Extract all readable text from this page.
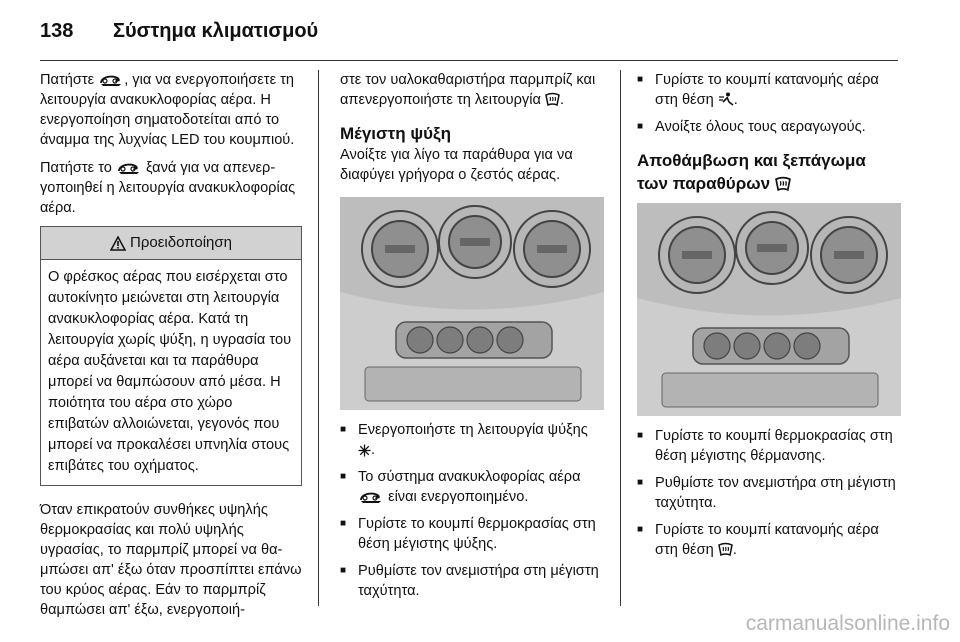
138 Σύστημα κλιματισμού

Πατήστε , για να ενεργοποιήσετε τη λειτουργία ανακυκλοφορίας αέρα. Η ενεργοποίηση σηματοδοτείται από το άναμμα της λυχνίας LED του κουμπιού.

Πατήστε το ξανά για να απενεργοποιηθεί η λειτουργία ανακυκλοφορίας αέρα.

Προειδοποίηση
Ο φρέσκος αέρας που εισέρχεται στο αυτοκίνητο μειώνεται στη λειτουργία ανακυκλοφορίας αέρα. Κατά τη λειτουργία χωρίς ψύξη, η υγρασία του αέρα αυξάνεται και τα παράθυρα μπορεί να θαμπώσουν από μέσα. Η ποιότητα του αέρα στο χώρο επιβατών αλλοιώνεται, γεγονός που μπορεί να προκαλέσει υπνηλία στους επιβάτες του οχήματος.

Όταν επικρατούν συνθήκες υψηλής θερμοκρασίας και πολύ υψηλής υγρασίας, το παρμπρίζ μπορεί να θαμπώσει απ' έξω όταν προσπίπτει επάνω του κρύος αέρας. Εάν το παρμπρίζ θαμπώσει απ' έξω, ενεργοποιή-

στε τον υαλοκαθαριστήρα παρμπρίζ και απενεργοποιήστε τη λειτουργία .

Μέγιστη ψύξη

Ανοίξτε για λίγο τα παράθυρα για να διαφύγει γρήγορα ο ζεστός αέρας.

■ Ενεργοποιήστε τη λειτουργία ψύξης
.
■ Το σύστημα ανακυκλοφορίας αέρα
είναι ενεργοποιημένο.
■ Γυρίστε το κουμπί θερμοκρασίας στη θέση μέγιστης ψύξης.
■ Ρυθμίστε τον ανεμιστήρα στη μέγιστη ταχύτητα.
■ Γυρίστε το κουμπί κατανομής αέρα στη θέση .
■ Ανοίξτε όλους τους αεραγωγούς.
Αποθάμβωση και ξεπάγωμα των παραθύρων
■ Γυρίστε το κουμπί θερμοκρασίας στη θέση μέγιστης θέρμανσης.
■ Ρυθμίστε τον ανεμιστήρα στη μέγιστη ταχύτητα.
■ Γυρίστε το κουμπί κατανομής αέρα στη θέση .
carmanualsonline.info
